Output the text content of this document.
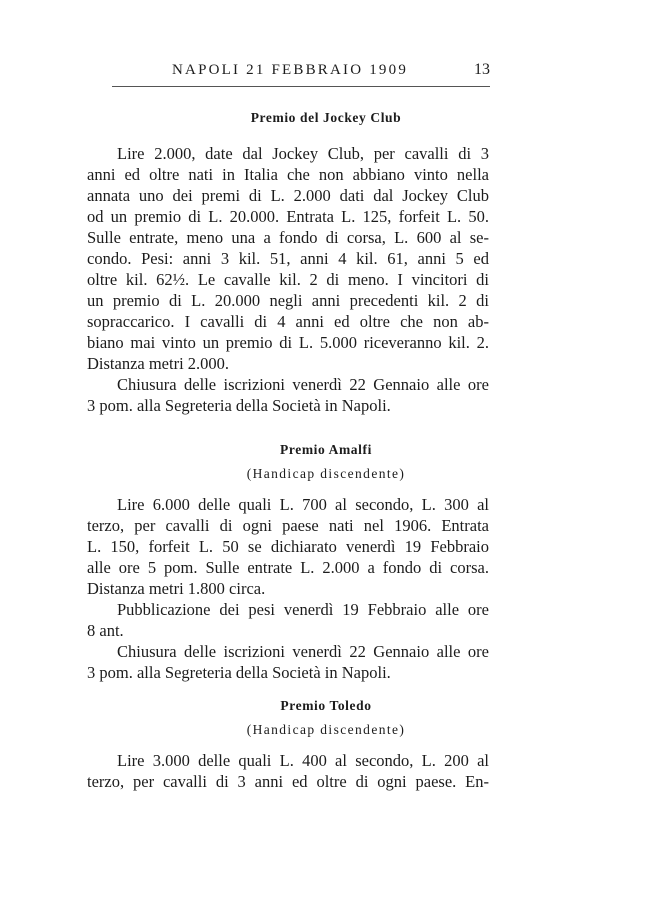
NAPOLI 21 FEBBRAIO 1909	13
Premio del Jockey Club
Lire 2.000, date dal Jockey Club, per cavalli di 3
anni ed oltre nati in Italia che non abbiano vinto nella
annata uno dei premi di L. 2.000 dati dal Jockey Club
od un premio di L. 20.000. Entrata L. 125, forfeit L. 50.
Sulle entrate, meno una a fondo di corsa, L. 600 al se-
condo. Pesi: anni 3 kil. 51, anni 4 kil. 61, anni 5 ed
oltre kil. 62½. Le cavalle kil. 2 di meno. I vincitori di
un premio di L. 20.000 negli anni precedenti kil. 2 di
sopraccarico. I cavalli di 4 anni ed oltre che non ab-
biano mai vinto un premio di L. 5.000 riceveranno kil. 2.
Distanza metri 2.000.
Chiusura delle iscrizioni venerdì 22 Gennaio alle ore
3 pom. alla Segreteria della Società in Napoli.
Premio Amalfi
(Handicap discendente)
Lire 6.000 delle quali L. 700 al secondo, L. 300 al
terzo, per cavalli di ogni paese nati nel 1906. Entrata
L. 150, forfeit L. 50 se dichiarato venerdì 19 Febbraio
alle ore 5 pom. Sulle entrate L. 2.000 a fondo di corsa.
Distanza metri 1.800 circa.
Pubblicazione dei pesi venerdì 19 Febbraio alle ore
8 ant.
Chiusura delle iscrizioni venerdì 22 Gennaio alle ore
3 pom. alla Segreteria della Società in Napoli.
Premio Toledo
(Handicap discendente)
Lire 3.000 delle quali L. 400 al secondo, L. 200 al
terzo, per cavalli di 3 anni ed oltre di ogni paese. En-
